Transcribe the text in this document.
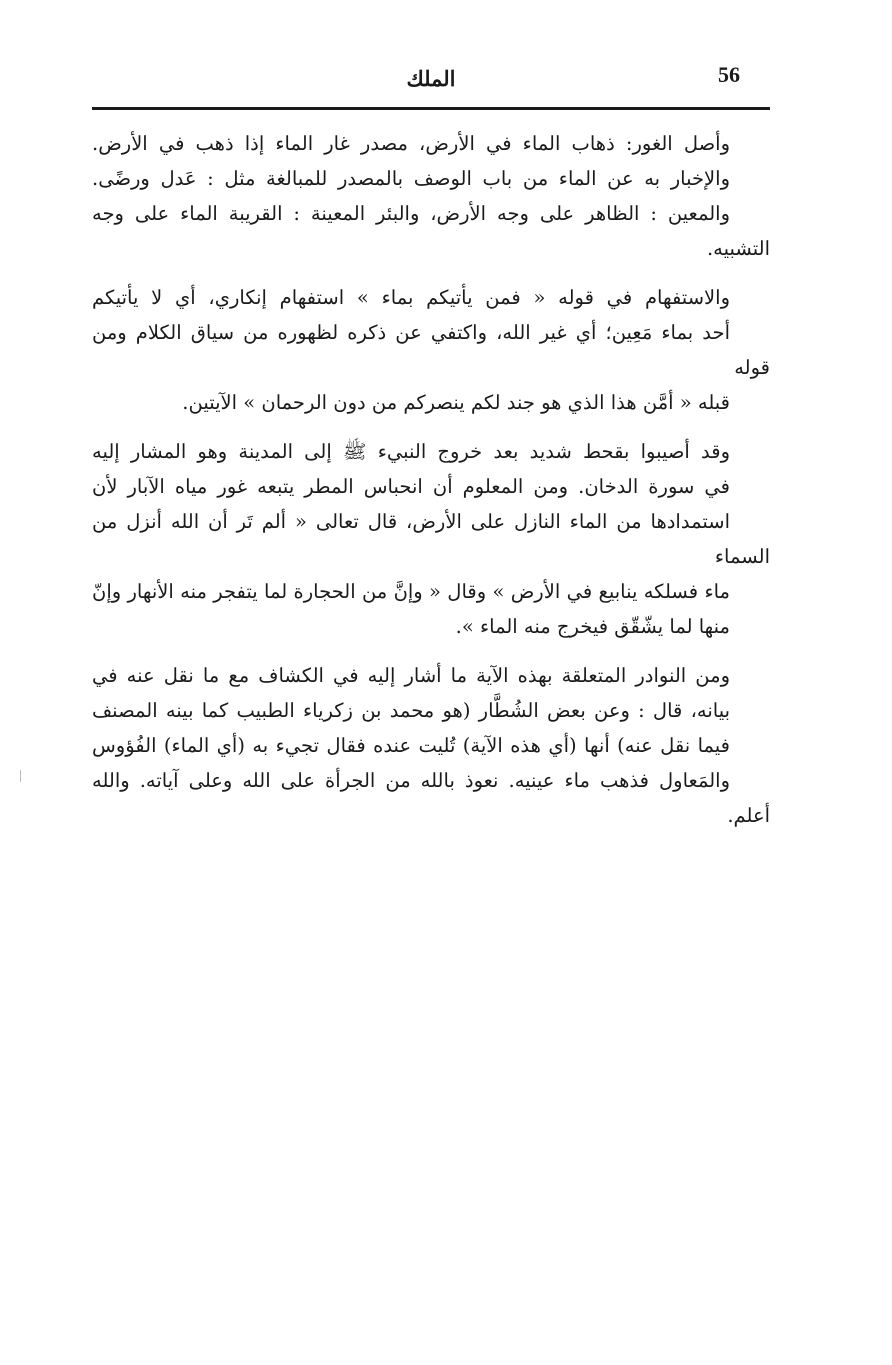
56
الملك

وأصل الغور: ذهاب الماء في الأرض، مصدر غار الماء إذا ذهب في الأرض.
والإخبار به عن الماء من باب الوصف بالمصدر للمبالغة مثل : عَدل ورضًى.
والمعين : الظاهر على وجه الأرض، والبئر المعينة : القريبة الماء على وجه التشبيه.

والاستفهام في قوله « فمن يأتيكم بماء » استفهام إنكاري، أي لا يأتيكم
أحد بماء مَعِين؛ أي غير الله، واكتفي عن ذكره لظهوره من سياق الكلام ومن قوله
قبله « أمَّن هذا الذي هو جند لكم ينصركم من دون الرحمان » الآيتين.

وقد أصيبوا بقحط شديد بعد خروج النبيء ﷺ إلى المدينة وهو المشار إليه
في سورة الدخان. ومن المعلوم أن انحباس المطر يتبعه غور مياه الآبار لأن
استمدادها من الماء النازل على الأرض، قال تعالى « ألم تَر أن الله أنزل من السماء
ماء فسلكه ينابيع في الأرض » وقال « وإنَّ من الحجارة لما يتفجر منه الأنهار وإنّ
منها لما يشّقّق فيخرج منه الماء ».

ومن النوادر المتعلقة بهذه الآية ما أشار إليه في الكشاف مع ما نقل عنه في
بيانه، قال : وعن بعض الشُطَّار (هو محمد بن زكرياء الطبيب كما بينه المصنف
فيما نقل عنه) أنها (أي هذه الآية) تُليت عنده فقال تجيء به (أي الماء) الفُؤوس
والمَعاول فذهب ماء عينيه. نعوذ بالله من الجرأة على الله وعلى آياته. والله أعلم.
